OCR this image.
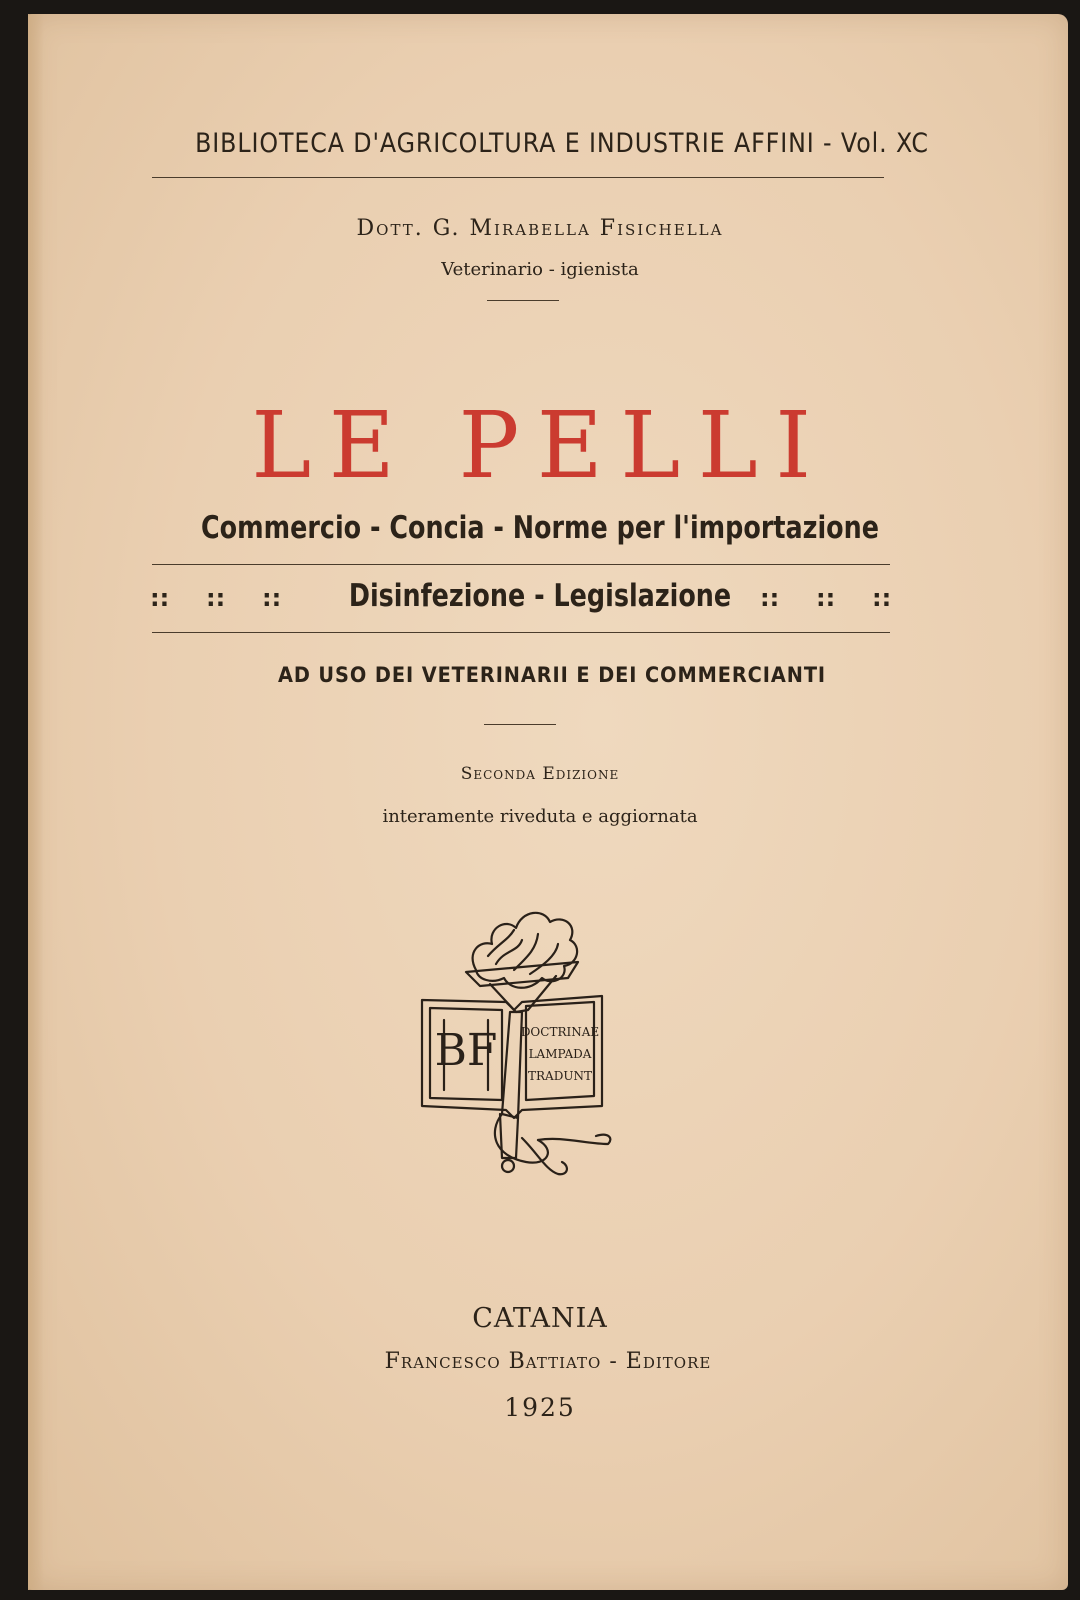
BIBLIOTECA D'AGRICOLTURA E INDUSTRIE AFFINI - Vol. XC
Dott. G. Mirabella Fisichella
Veterinario - igienista
LE PELLI
Commercio - Concia - Norme per l'importazione
:: :: ::	Disinfezione - Legislazione	:: :: ::
AD USO DEI VETERINARII E DEI COMMERCIANTI
Seconda Edizione
interamente riveduta e aggiornata
BF DOCTRINAE
LAMPADA
TRADUNT
CATANIA
Francesco Battiato - Editore
1925
